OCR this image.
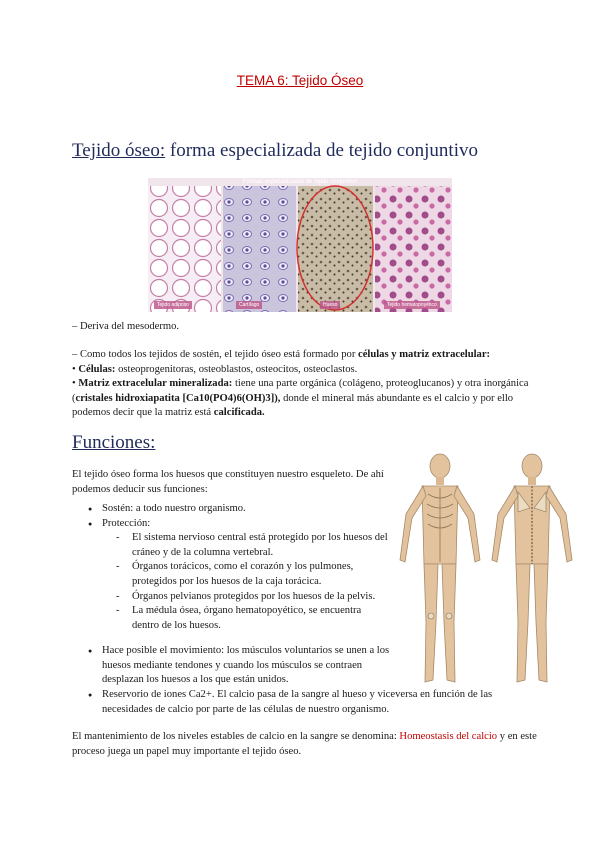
TEMA 6: Tejido Óseo
Tejido óseo: forma especializada de tejido conjuntivo
Formas especializadas de tejido conjuntivo
Tejido adiposo	Cartílago	Hueso	Tejido hematopoyético
– Deriva del mesodermo.
– Como todos los tejidos de sostén, el tejido óseo está formado por células y matriz extracelular:
• Células: osteoprogenitoras, osteoblastos, osteocitos, osteoclastos.
• Matriz extracelular mineralizada: tiene una parte orgánica (colágeno, proteoglucanos) y otra inorgánica (cristales hidroxiapatita [Ca10(PO4)6(OH)3]), donde el mineral más abundante es el calcio y por ello podemos decir que la matriz está calcificada.
Funciones:
El tejido óseo forma los huesos que constituyen nuestro esqueleto. De ahí podemos deducir sus funciones:
● Sostén: a todo nuestro organismo.
● Protección:
- El sistema nervioso central está protegido por los huesos del cráneo y de la columna vertebral.
- Órganos torácicos, como el corazón y los pulmones, protegidos por los huesos de la caja torácica.
- Órganos pelvianos protegidos por los huesos de la pelvis.
- La médula ósea, órgano hematopoyético, se encuentra dentro de los huesos.
● Hace posible el movimiento: los músculos voluntarios se unen a los huesos mediante tendones y cuando los músculos se contraen desplazan los huesos a los que están unidos.
● Reservorio de iones Ca2+. El calcio pasa de la sangre al hueso y viceversa en función de las necesidades de calcio por parte de las células de nuestro organismo.
El mantenimiento de los niveles estables de calcio en la sangre se denomina: Homeostasis del calcio y en este proceso juega un papel muy importante el tejido óseo.
